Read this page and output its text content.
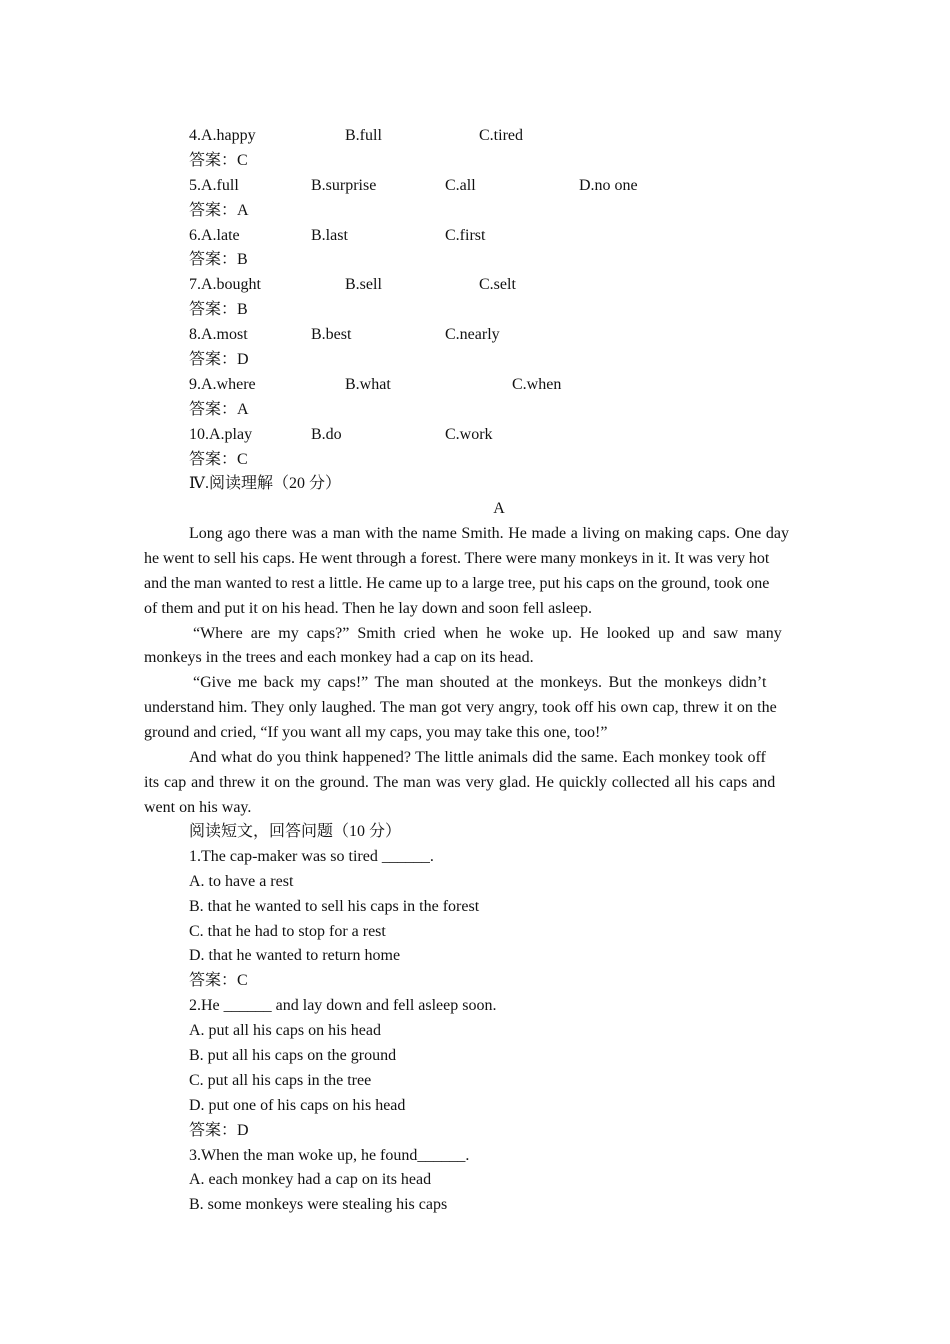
4.A.happy	B.full	C.tired
答案：C
5.A.full	B.surprise	C.all	D.no one
答案：A
6.A.late	B.last	C.first
答案：B
7.A.bought	B.sell	C.selt
答案：B
8.A.most	B.best	C.nearly
答案：D
9.A.where	B.what	C.when
答案：A
10.A.play	B.do	C.work
答案：C
Ⅳ.阅读理解（20 分）
A
Long ago there was a man with the name Smith. He made a living on making caps. One day
he went to sell his caps. He went through a forest. There were many monkeys in it. It was very hot
and the man wanted to rest a little. He came up to a large tree, put his caps on the ground, took one
of them and put it on his head. Then he lay down and soon fell asleep.
“Where are my caps?” Smith cried when he woke up. He looked up and saw many
monkeys in the trees and each monkey had a cap on its head.
“Give me back my caps!” The man shouted at the monkeys. But the monkeys didn’t
understand him. They only laughed. The man got very angry, took off his own cap, threw it on the
ground and cried, “If you want all my caps, you may take this one, too!”
And what do you think happened? The little animals did the same. Each monkey took off
its cap and threw it on the ground. The man was very glad. He quickly collected all his caps and
went on his way.
阅读短文，回答问题（10 分）
1.The cap-maker was so tired ______.
A. to have a rest
B. that he wanted to sell his caps in the forest
C. that he had to stop for a rest
D. that he wanted to return home
答案：C
2.He ______ and lay down and fell asleep soon.
A. put all his caps on his head
B. put all his caps on the ground
C. put all his caps in the tree
D. put one of his caps on his head
答案：D
3.When the man woke up, he found______.
A. each monkey had a cap on its head
B. some monkeys were stealing his caps
